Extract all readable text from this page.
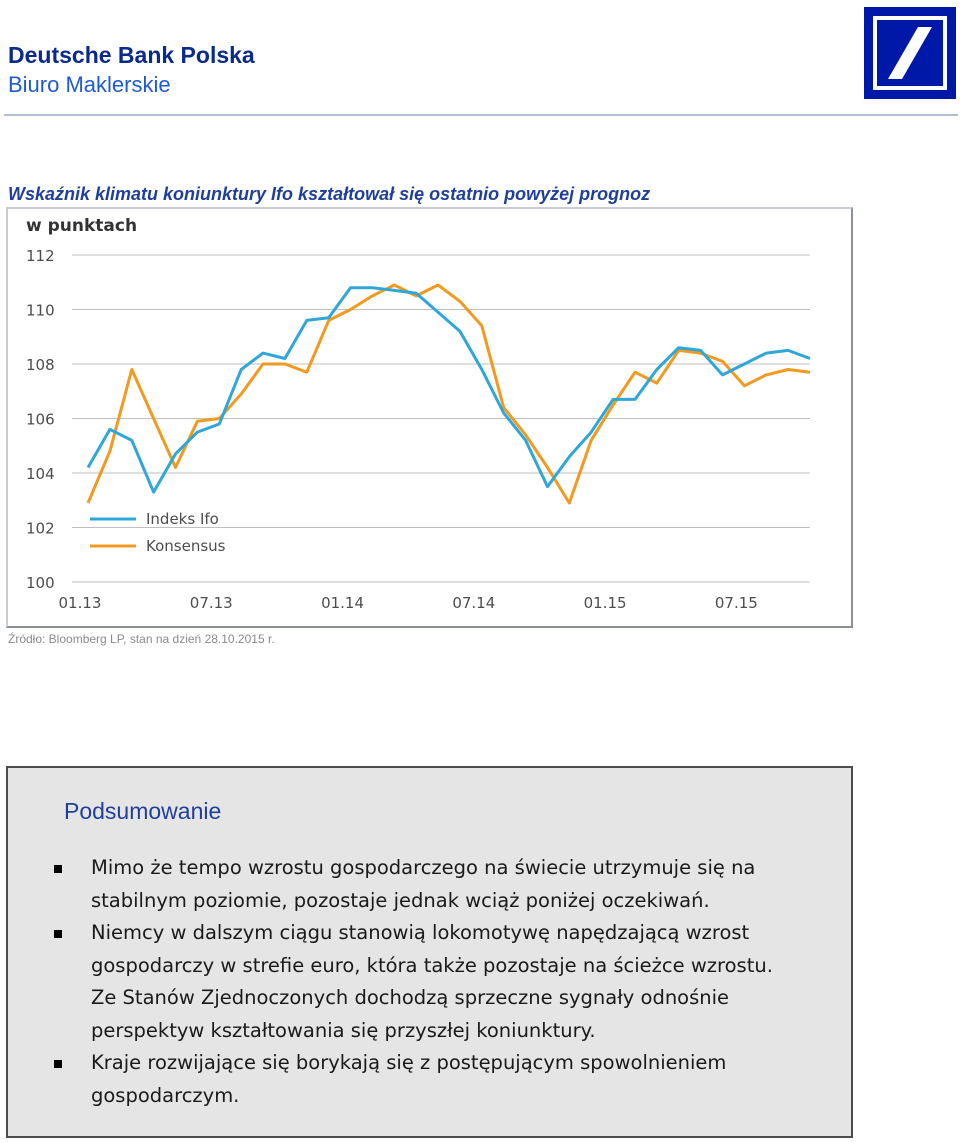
Deutsche Bank Polska
Biuro Maklerskie
Wskaźnik klimatu koniunktury Ifo kształtował się ostatnio powyżej prognoz
w punktach
100
102
104
106
108
110
112
01.13	07.13	01.14	07.14	01.15	07.15
Indeks Ifo
Konsensus
Źródło: Bloomberg LP, stan na dzień 28.10.2015 r.
Podsumowanie
Mimo że tempo wzrostu gospodarczego na świecie utrzymuje się na stabilnym poziomie, pozostaje jednak wciąż poniżej oczekiwań.
Niemcy w dalszym ciągu stanowią lokomotywę napędzającą wzrost gospodarczy w strefie euro, która także pozostaje na ścieżce wzrostu. Ze Stanów Zjednoczonych dochodzą sprzeczne sygnały odnośnie perspektyw kształtowania się przyszłej koniunktury.
Kraje rozwijające się borykają się z postępującym spowolnieniem gospodarczym.
